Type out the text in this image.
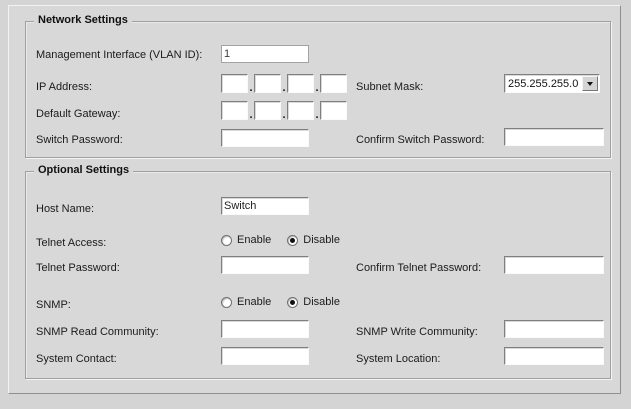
Network Settings
Management Interface (VLAN ID):
1
IP Address:	.	.	.	Subnet Mask:	255.255.255.0
Default Gateway:	.	.	.
Switch Password:	Confirm Switch Password:
Optional Settings
Host Name:
Switch
Telnet Access:	Enable	Disable
Telnet Password:	Confirm Telnet Password:
SNMP:	Enable	Disable
SNMP Read Community:	SNMP Write Community:
System Contact:	System Location:
